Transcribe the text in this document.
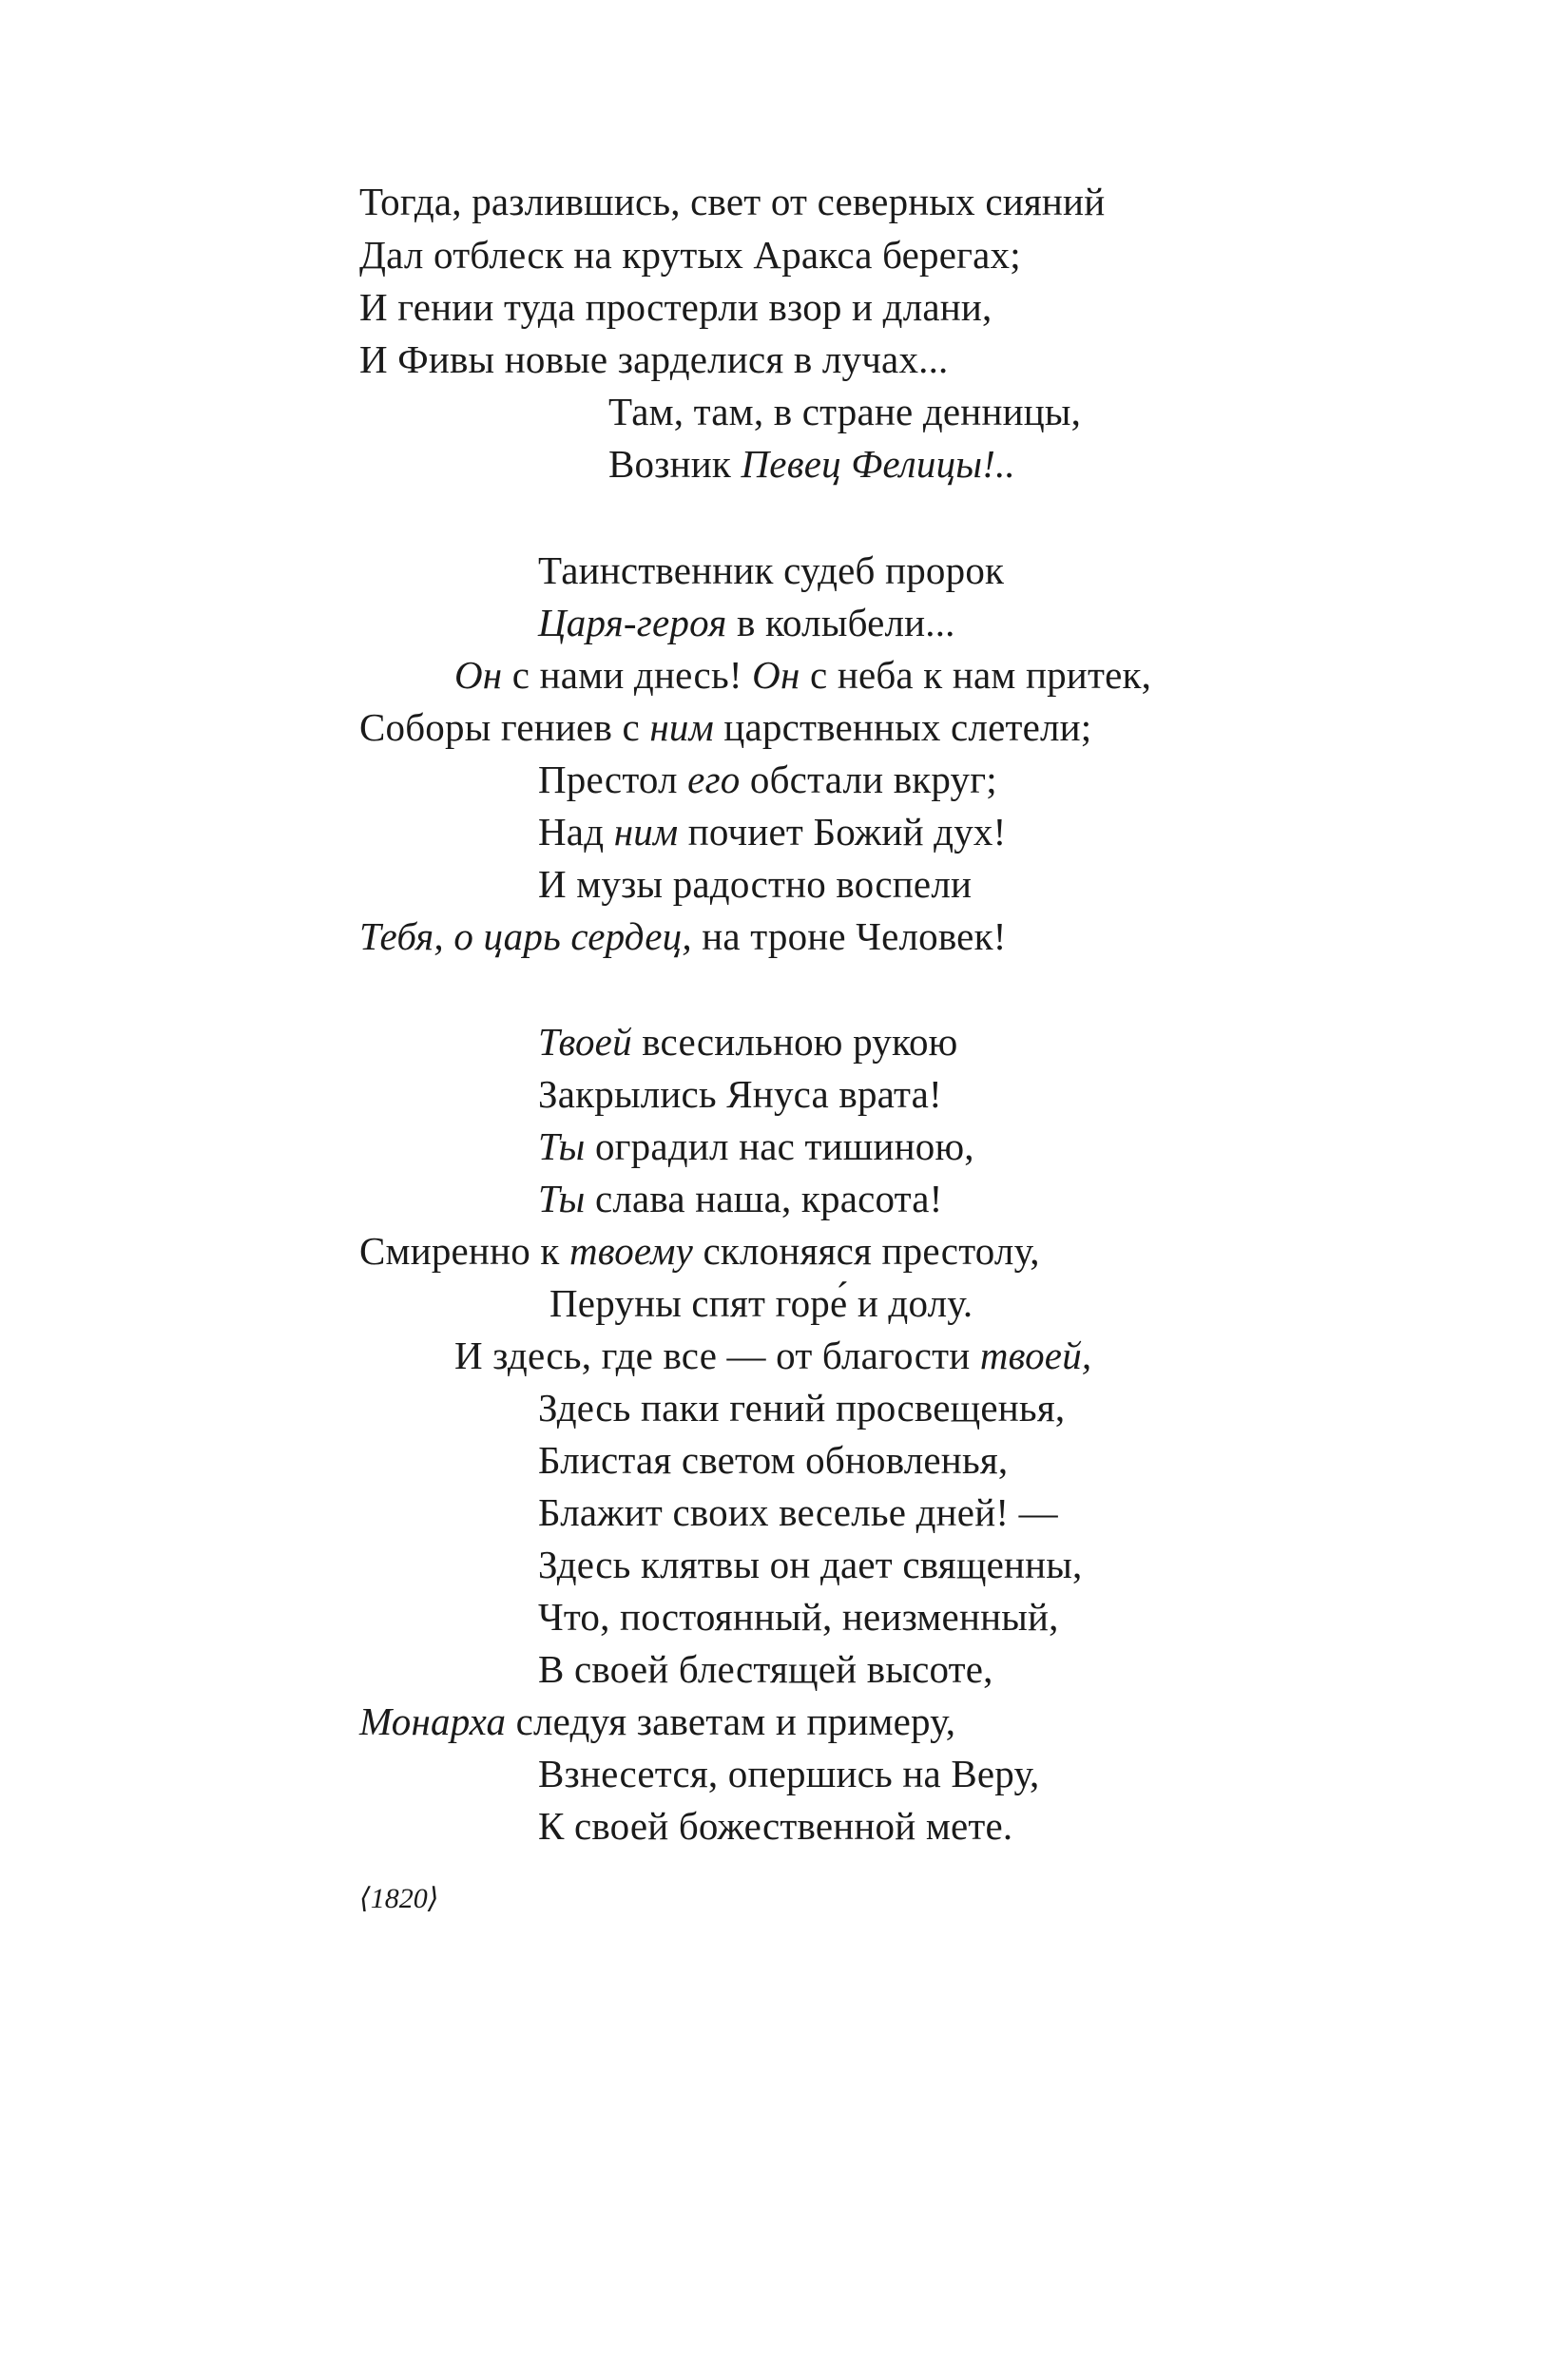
Тогда, разлившись, свет от северных сияний
Дал отблеск на крутых Аракса берегах;
И гении туда простерли взор и длани,
И Фивы новые зарделися в лучах...
Там, там, в стране денницы,
Возник Певец Фелицы!..
Таинственник судеб пророк
Царя-героя в колыбели...
Он с нами днесь! Он с неба к нам притек,
Соборы гениев с ним царственных слетели;
Престол его обстали вкруг;
Над ним почиет Божий дух!
И музы радостно воспели
Тебя, о царь сердец, на троне Человек!
Твоей всесильною рукою
Закрылись Януса врата!
Ты оградил нас тишиною,
Ты слава наша, красота!
Смиренно к твоему склоняяся престолу,
Перуны спят горе́ и долу.
И здесь, где все — от благости твоей,
Здесь паки гений просвещенья,
Блистая светом обновленья,
Блажит своих веселье дней! —
Здесь клятвы он дает священны,
Что, постоянный, неизменный,
В своей блестящей высоте,
Монарха следуя заветам и примеру,
Взнесется, опершись на Веру,
К своей божественной мете.
⟨1820⟩
